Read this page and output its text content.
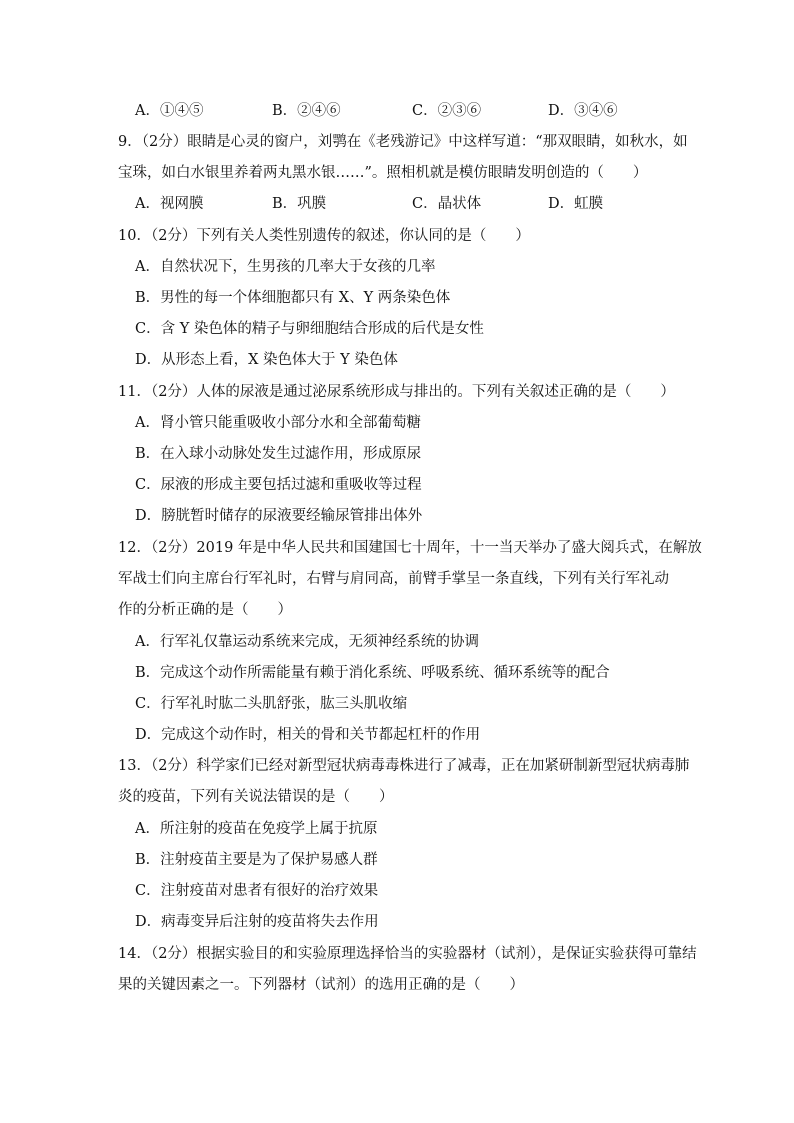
A．①④⑤	B．②④⑥	C．②③⑥	D．③④⑥
9．（2分）眼睛是心灵的窗户，刘鹗在《老残游记》中这样写道：“那双眼睛，如秋水，如
宝珠，如白水银里养着两丸黑水银……”。照相机就是模仿眼睛发明创造的（　　）
A．视网膜	B．巩膜	C．晶状体	D．虹膜
10．（2分）下列有关人类性别遗传的叙述，你认同的是（　　）
A．自然状况下，生男孩的几率大于女孩的几率
B．男性的每一个体细胞都只有 X、Y 两条染色体
C．含 Y 染色体的精子与卵细胞结合形成的后代是女性
D．从形态上看，X 染色体大于 Y 染色体
11．（2分）人体的尿液是通过泌尿系统形成与排出的。下列有关叙述正确的是（　　）
A．肾小管只能重吸收小部分水和全部葡萄糖
B．在入球小动脉处发生过滤作用，形成原尿
C．尿液的形成主要包括过滤和重吸收等过程
D．膀胱暂时储存的尿液要经输尿管排出体外
12．（2分）2019 年是中华人民共和国建国七十周年，十一当天举办了盛大阅兵式，在解放
军战士们向主席台行军礼时，右臂与肩同高，前臂手掌呈一条直线，下列有关行军礼动
作的分析正确的是（　　）
A．行军礼仅靠运动系统来完成，无须神经系统的协调
B．完成这个动作所需能量有赖于消化系统、呼吸系统、循环系统等的配合
C．行军礼时肱二头肌舒张，肱三头肌收缩
D．完成这个动作时，相关的骨和关节都起杠杆的作用
13．（2分）科学家们已经对新型冠状病毒毒株进行了减毒，正在加紧研制新型冠状病毒肺
炎的疫苗，下列有关说法错误的是（　　）
A．所注射的疫苗在免疫学上属于抗原
B．注射疫苗主要是为了保护易感人群
C．注射疫苗对患者有很好的治疗效果
D．病毒变异后注射的疫苗将失去作用
14．（2分）根据实验目的和实验原理选择恰当的实验器材（试剂），是保证实验获得可靠结
果的关键因素之一。下列器材（试剂）的选用正确的是（　　）
